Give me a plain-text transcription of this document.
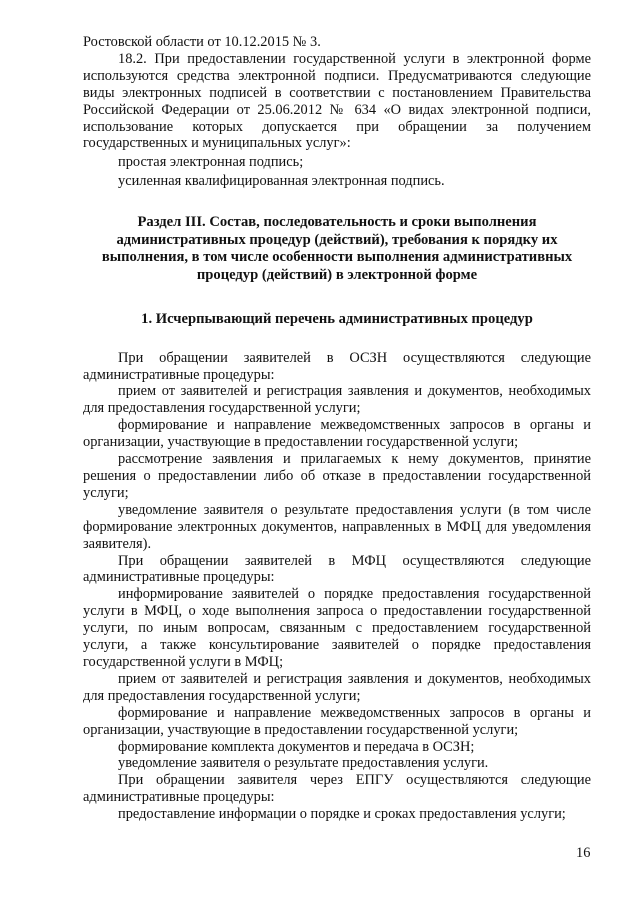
Ростовской области от 10.12.2015 № 3.

18.2. При предоставлении государственной услуги в электронной форме используются средства электронной подписи. Предусматриваются следующие виды электронных подписей в соответствии с постановлением Правительства Российской Федерации от 25.06.2012 № 634 «О видах электронной подписи, использование которых допускается при обращении за получением государственных и муниципальных услуг»:

простая электронная подпись;

усиленная квалифицированная электронная подпись.

Раздел III. Состав, последовательность и сроки выполнения административных процедур (действий), требования к порядку их выполнения, в том числе особенности выполнения административных процедур (действий) в электронной форме

1. Исчерпывающий перечень административных процедур

При обращении заявителей в ОСЗН осуществляются следующие административные процедуры:

прием от заявителей и регистрация заявления и документов, необходимых для предоставления государственной услуги;

формирование и направление межведомственных запросов в органы и организации, участвующие в предоставлении государственной услуги;

рассмотрение заявления и прилагаемых к нему документов, принятие решения о предоставлении либо об отказе в предоставлении государственной услуги;

уведомление заявителя о результате предоставления услуги (в том числе формирование электронных документов, направленных в МФЦ для уведомления заявителя).

При обращении заявителей в МФЦ осуществляются следующие административные процедуры:

информирование заявителей о порядке предоставления государственной услуги в МФЦ, о ходе выполнения запроса о предоставлении государственной услуги, по иным вопросам, связанным с предоставлением государственной услуги, а также консультирование заявителей о порядке предоставления государственной услуги в МФЦ;

прием от заявителей и регистрация заявления и документов, необходимых для предоставления государственной услуги;

формирование и направление межведомственных запросов в органы и организации, участвующие в предоставлении государственной услуги;

формирование комплекта документов и передача в ОСЗН;

уведомление заявителя о результате предоставления услуги.

При обращении заявителя через ЕПГУ осуществляются следующие административные процедуры:

предоставление информации о порядке и сроках предоставления услуги;

16
